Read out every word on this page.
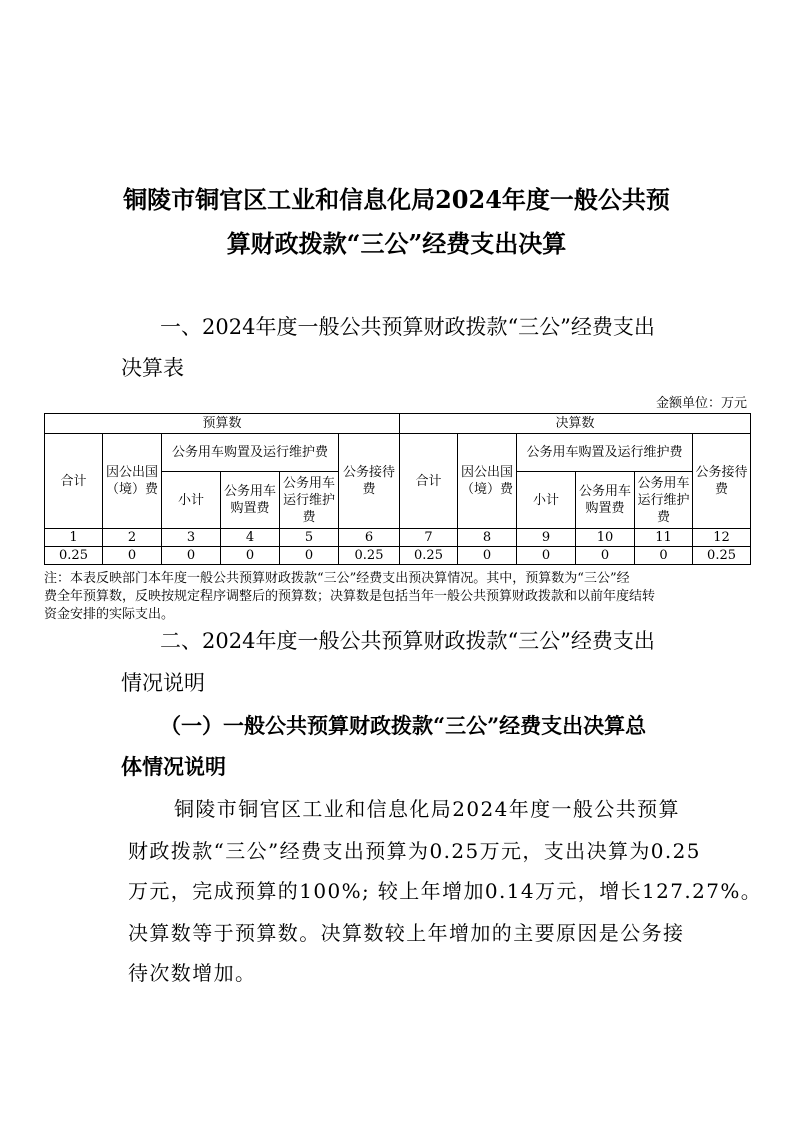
铜陵市铜官区工业和信息化局2024年度一般公共预
算财政拨款“三公”经费支出决算
一、2024年度一般公共预算财政拨款“三公”经费支出
决算表
金额单位：万元
预算数						决算数					
合计	因公出国（境）费	公务用车购置及运行维护费			公务接待费	合计	因公出国（境）费	公务用车购置及运行维护费			公务接待费
		小计	公务用车购置费	公务用车运行维护费				小计	公务用车购置费	公务用车运行维护费	
1	2	3	4	5	6	7	8	9	10	11	12
0.25	0	0	0	0	0.25	0.25	0	0	0	0	0.25
注：本表反映部门本年度一般公共预算财政拨款“三公”经费支出预决算情况。其中，预算数为“三公”经
费全年预算数，反映按规定程序调整后的预算数；决算数是包括当年一般公共预算财政拨款和以前年度结转
资金安排的实际支出。
二、2024年度一般公共预算财政拨款“三公”经费支出
情况说明
（一）一般公共预算财政拨款“三公”经费支出决算总
体情况说明
铜陵市铜官区工业和信息化局2024年度一般公共预算
财政拨款“三公”经费支出预算为0.25万元，支出决算为0.25
万元，完成预算的100%; 较上年增加0.14万元，增长127.27%。
决算数等于预算数。决算数较上年增加的主要原因是公务接
待次数增加。
